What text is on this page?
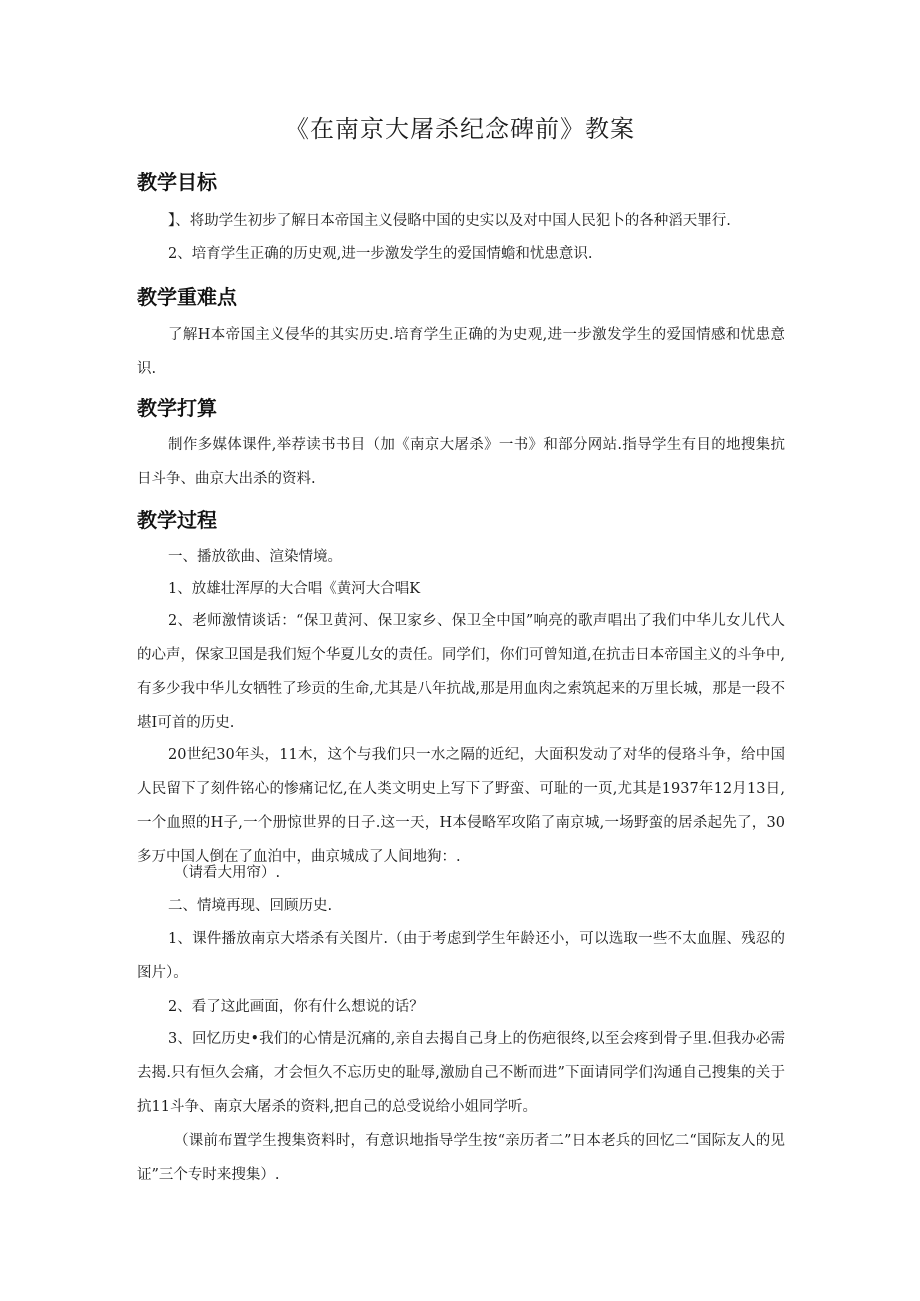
《在南京大屠杀纪念碑前》教案
教学目标
】、将助学生初步了解日本帝国主义侵略中国的史实以及对中国人民犯卜的各种滔天罪行.
2、培育学生正确的历史观,进一步激发学生的爱国情蟾和忧患意识.
教学重难点
了解H本帝国主义侵华的其实历史.培育学生正确的为史观,进一步激发学生的爱国情感和忧患意识.
教学打算
制作多媒体课件,举荐读书书目（加《南京大屠杀》一书》和部分网站.指导学生有目的地搜集抗日斗争、曲京大出杀的资料.
教学过程
一、播放欲曲、渲染情境。
1、放雄壮浑厚的大合唱《黄河大合唱K
2、老师激情谈话：“保卫黄河、保卫家乡、保卫全中国”响亮的歌声唱出了我们中华儿女儿代人的心声，保家卫国是我们短个华夏儿女的责任。同学们，你们可曾知道,在抗击日本帝国主义的斗争中,有多少我中华儿女牺牲了珍贡的生命,尤其是八年抗战,那是用血肉之索筑起来的万里长城，那是一段不堪I可首的历史.
20世纪30年头，11木，这个与我们只一水之隔的近纪，大面积发动了对华的侵珞斗争，给中国人民留下了刻件铭心的惨痛记忆,在人类文明史上写下了野蛮、可耻的一页,尤其是1937年12月13日,一个血照的H子,一个册惊世界的日子.这一天，H本侵略军攻陷了南京城,一场野蛮的居杀起先了，30多万中国人倒在了血泊中，曲京城成了人间地狗：.
（请看大用帘）.
二、情境再现、回顾历史.
1、课件播放南京大塔杀有关图片.（由于考虑到学生年龄还小，可以选取一些不太血腥、残忍的图片）。
2、看了这此画面，你有什么想说的话？
3、回忆历史•我们的心情是沉痛的,亲自去揭自己身上的伤疤很终,以至会疼到骨子里.但我办必需去揭.只有恒久会痛，才会恒久不忘历史的耻辱,激励自己不断而进”下面请同学们沟通自己搜集的关于抗11斗争、南京大屠杀的资料,把自己的总受说给小姐同学听。
（课前布置学生搜集资料时，有意识地指导学生按“亲历者二”日本老兵的回忆二“国际友人的见证”三个专时来搜集）.
